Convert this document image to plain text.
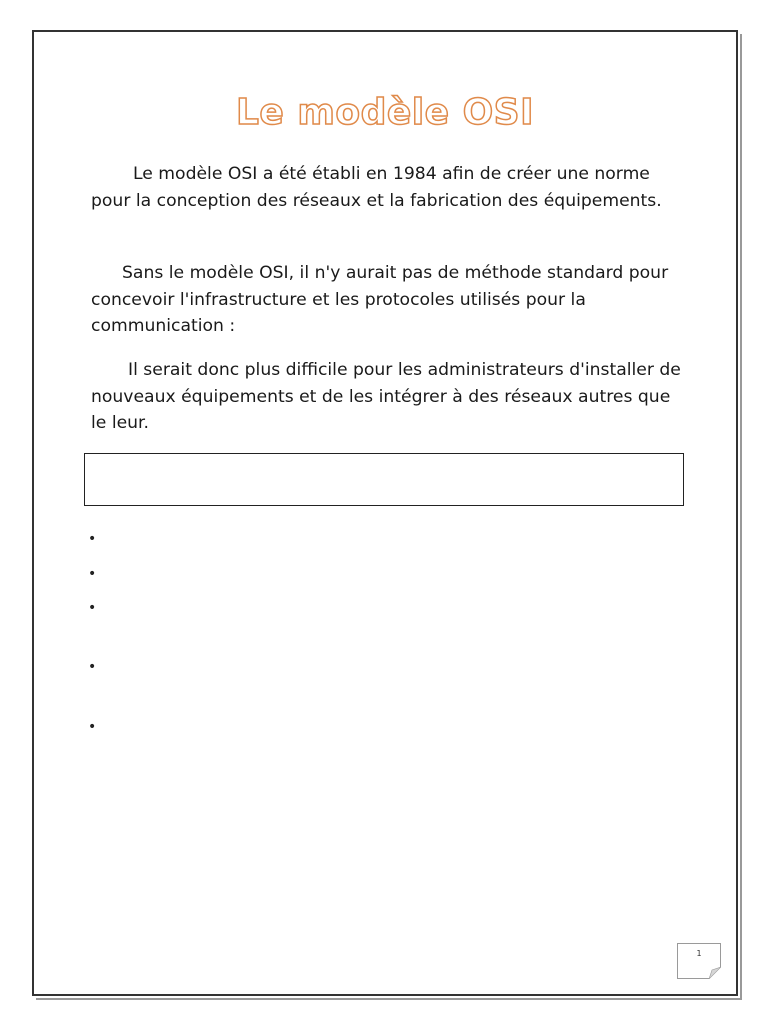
Le modèle OSI

Le modèle OSI a été établi en 1984 afin de créer une norme pour la conception des réseaux et la fabrication des équipements.

Sans le modèle OSI, il n'y aurait pas de méthode standard pour concevoir l'infrastructure et les protocoles utilisés pour la communication :

Il serait donc plus difficile pour les administrateurs d'installer de nouveaux équipements et de les intégrer à des réseaux autres que le leur.

•
•
•
•
•
1
